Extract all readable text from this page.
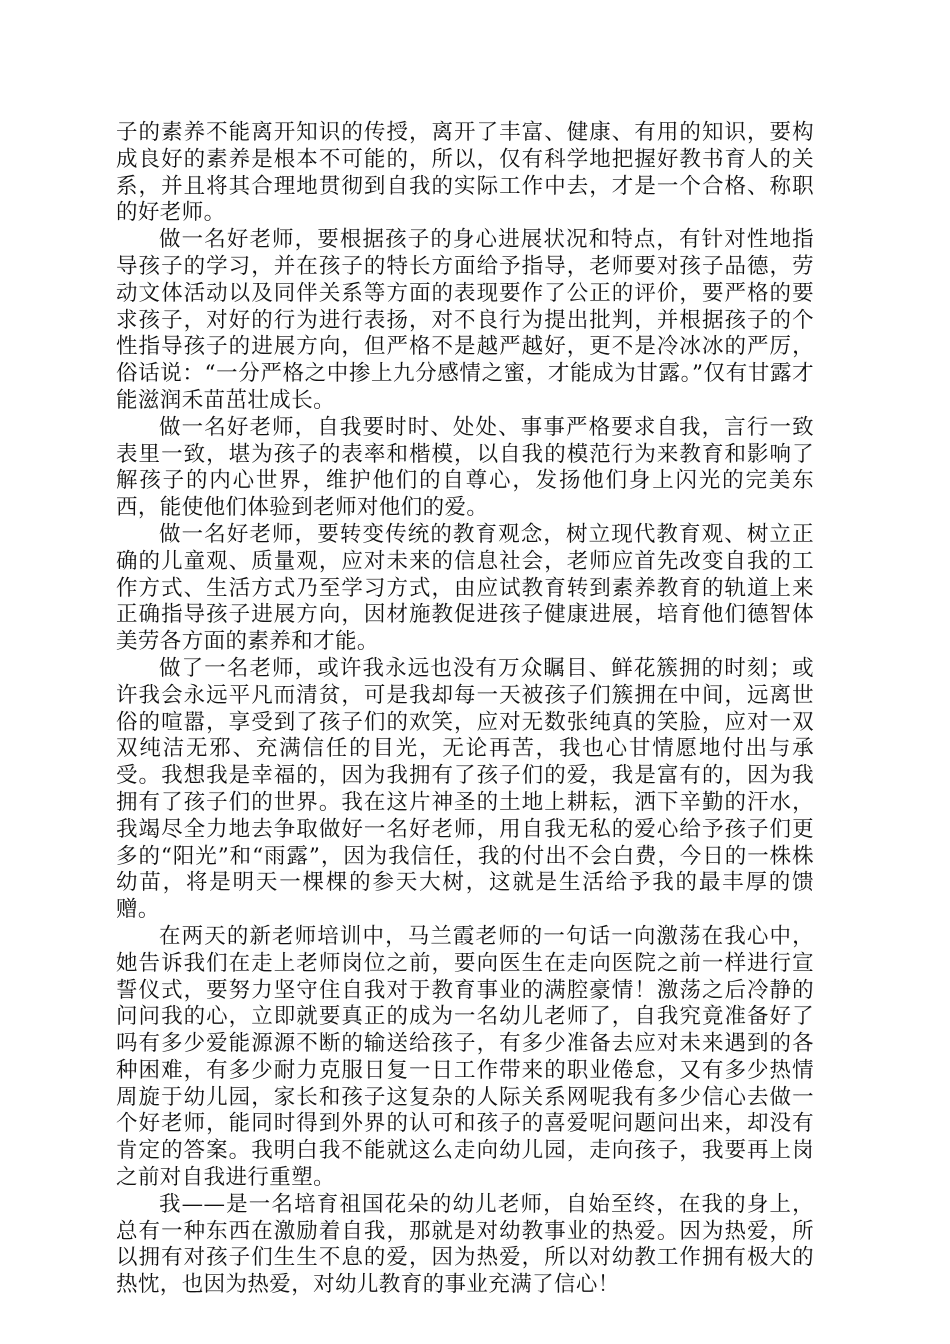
子的素养不能离开知识的传授，离开了丰富、健康、有用的知识，要构成良好的素养是根本不可能的，所以，仅有科学地把握好教书育人的关系，并且将其合理地贯彻到自我的实际工作中去，才是一个合格、称职的好老师。

做一名好老师，要根据孩子的身心进展状况和特点，有针对性地指导孩子的学习，并在孩子的特长方面给予指导，老师要对孩子品德，劳动文体活动以及同伴关系等方面的表现要作了公正的评价，要严格的要求孩子，对好的行为进行表扬，对不良行为提出批判，并根据孩子的个性指导孩子的进展方向，但严格不是越严越好，更不是冷冰冰的严厉，俗话说：“一分严格之中掺上九分感情之蜜，才能成为甘露。”仅有甘露才能滋润禾苗茁壮成长。

做一名好老师，自我要时时、处处、事事严格要求自我，言行一致表里一致，堪为孩子的表率和楷模，以自我的模范行为来教育和影响了解孩子的内心世界，维护他们的自尊心，发扬他们身上闪光的完美东西，能使他们体验到老师对他们的爱。

做一名好老师，要转变传统的教育观念，树立现代教育观、树立正确的儿童观、质量观，应对未来的信息社会，老师应首先改变自我的工作方式、生活方式乃至学习方式，由应试教育转到素养教育的轨道上来正确指导孩子进展方向，因材施教促进孩子健康进展，培育他们德智体美劳各方面的素养和才能。

做了一名老师，或许我永远也没有万众瞩目、鲜花簇拥的时刻；或许我会永远平凡而清贫，可是我却每一天被孩子们簇拥在中间，远离世俗的喧嚣，享受到了孩子们的欢笑，应对无数张纯真的笑脸，应对一双双纯洁无邪、充满信任的目光，无论再苦，我也心甘情愿地付出与承受。我想我是幸福的，因为我拥有了孩子们的爱，我是富有的，因为我拥有了孩子们的世界。我在这片神圣的土地上耕耘，洒下辛勤的汗水，我竭尽全力地去争取做好一名好老师，用自我无私的爱心给予孩子们更多的“阳光”和“雨露”，因为我信任，我的付出不会白费，今日的一株株幼苗，将是明天一棵棵的参天大树，这就是生活给予我的最丰厚的馈赠。

在两天的新老师培训中，马兰霞老师的一句话一向激荡在我心中，她告诉我们在走上老师岗位之前，要向医生在走向医院之前一样进行宣誓仪式，要努力坚守住自我对于教育事业的满腔豪情！激荡之后冷静的问问我的心，立即就要真正的成为一名幼儿老师了，自我究竟准备好了吗有多少爱能源源不断的输送给孩子，有多少准备去应对未来遇到的各种困难，有多少耐力克服日复一日工作带来的职业倦怠，又有多少热情周旋于幼儿园，家长和孩子这复杂的人际关系网呢我有多少信心去做一个好老师，能同时得到外界的认可和孩子的喜爱呢问题问出来，却没有肯定的答案。我明白我不能就这么走向幼儿园，走向孩子，我要再上岗之前对自我进行重塑。

我——是一名培育祖国花朵的幼儿老师，自始至终，在我的身上，总有一种东西在激励着自我，那就是对幼教事业的热爱。因为热爱，所以拥有对孩子们生生不息的爱，因为热爱，所以对幼教工作拥有极大的热忱，也因为热爱，对幼儿教育的事业充满了信心！
